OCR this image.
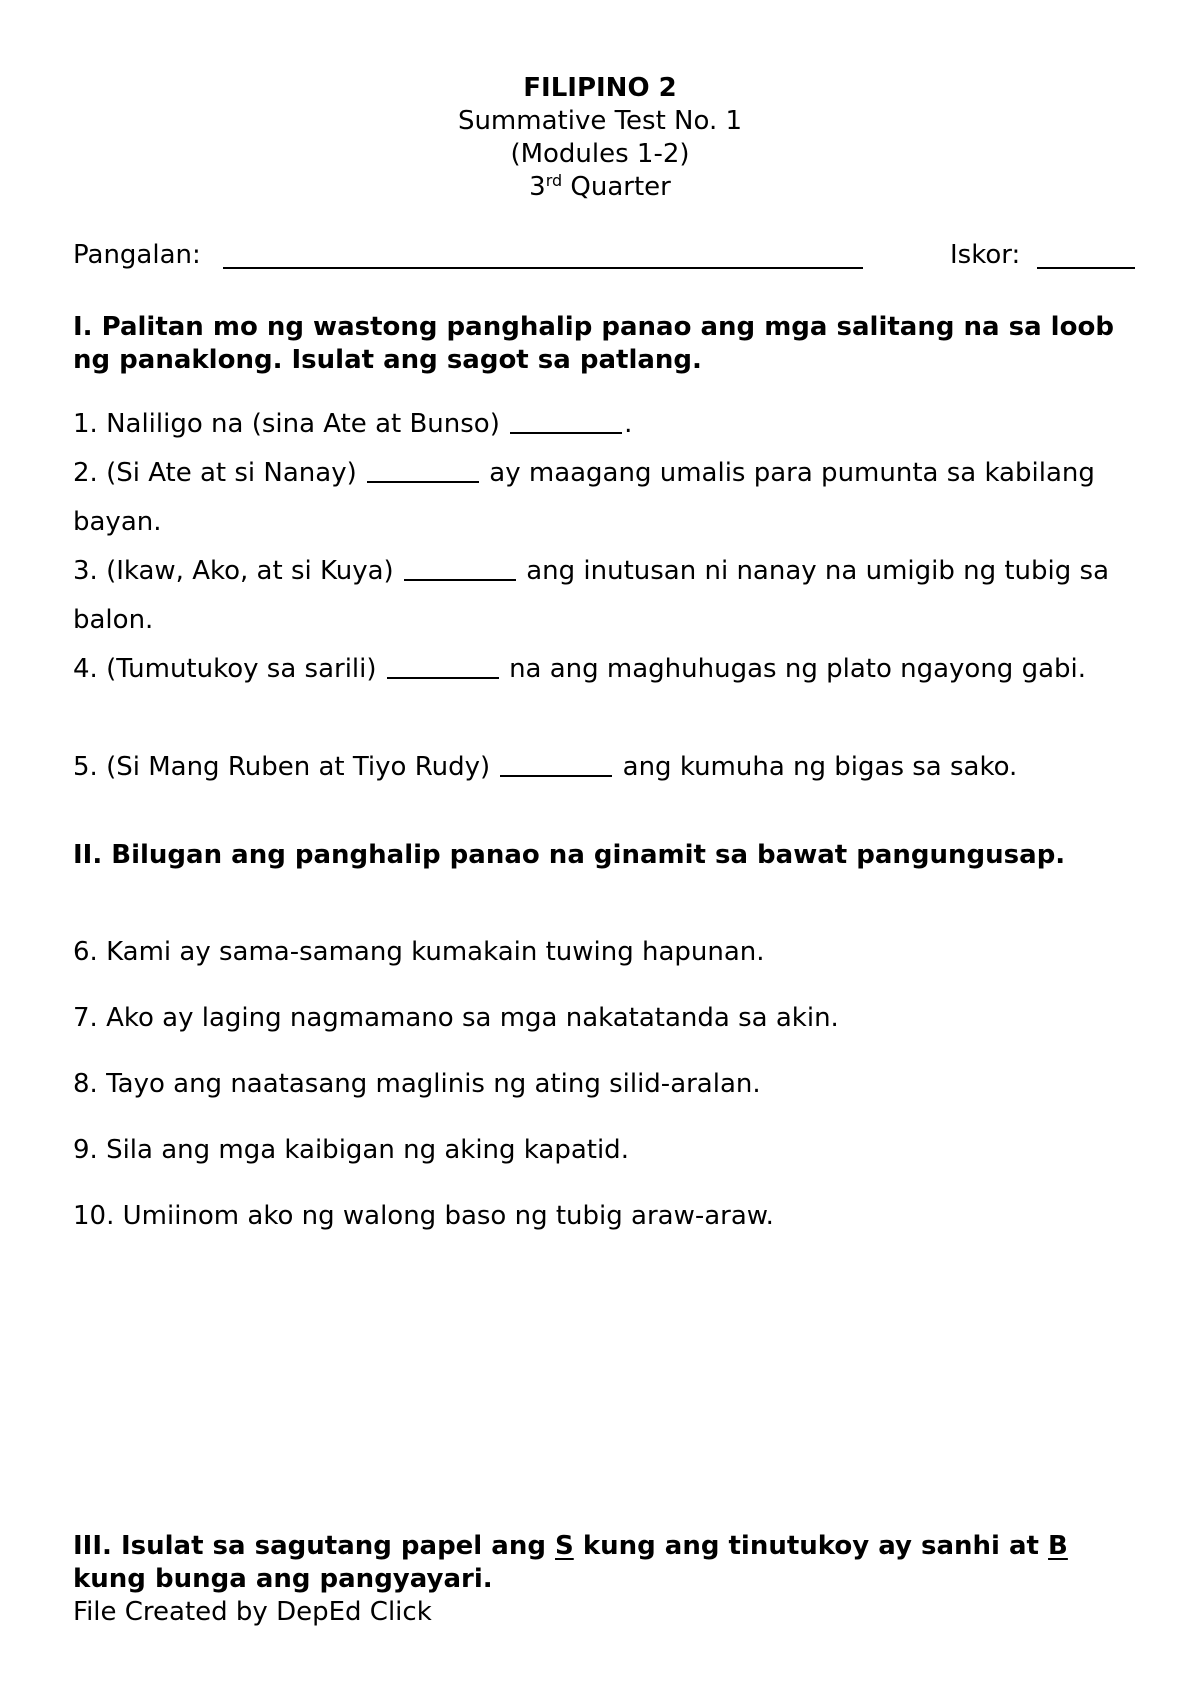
FILIPINO 2
Summative Test No. 1
(Modules 1-2)
3rd Quarter
Pangalan:	Iskor:
I. Palitan mo ng wastong panghalip panao ang mga salitang na sa loob ng panaklong. Isulat ang sagot sa patlang.
1. Naliligo na (sina Ate at Bunso)	.
2. (Si Ate at si Nanay)	ay maagang umalis para pumunta sa kabilang bayan.
3. (Ikaw, Ako, at si Kuya)	ang inutusan ni nanay na umigib ng tubig sa balon.
4. (Tumutukoy sa sarili)	na ang maghuhugas ng plato ngayong gabi.
5. (Si Mang Ruben at Tiyo Rudy)	ang kumuha ng bigas sa sako.
II. Bilugan ang panghalip panao na ginamit sa bawat pangungusap.
6. Kami ay sama-samang kumakain tuwing hapunan.
7. Ako ay laging nagmamano sa mga nakatatanda sa akin.
8. Tayo ang naatasang maglinis ng ating silid-aralan.
9. Sila ang mga kaibigan ng aking kapatid.
10. Umiinom ako ng walong baso ng tubig araw-araw.
III. Isulat sa sagutang papel ang S kung ang tinutukoy ay sanhi at B kung bunga ang pangyayari.
File Created by DepEd Click
